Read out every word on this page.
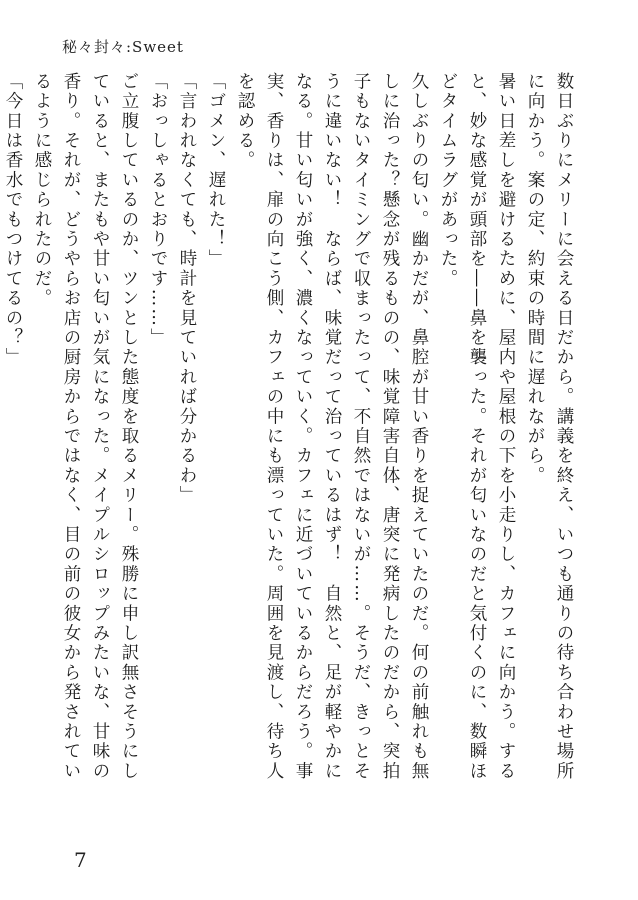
秘々封々:Sweet

数日ぶりにメリーに会える日だから。講義を終え、いつも通りの待ち合わせ場所に向かう。案の定、約束の時間に遅れながら。

暑い日差しを避けるために、屋内や屋根の下を小走りし、カフェに向かう。すると、妙な感覚が頭部を――鼻を襲った。それが匂いなのだと気付くのに、数瞬ほどタイムラグがあった。

久しぶりの匂い。幽かだが、鼻腔が甘い香りを捉えていたのだ。何の前触れも無しに治った？懸念が残るものの、味覚障害自体、唐突に発病したのだから、突拍子もないタイミングで収まったって、不自然ではないが……。そうだ、きっとそうに違いない！　ならば、味覚だって治っているはず！　自然と、足が軽やかになる。甘い匂いが強く、濃くなっていく。カフェに近づいているからだろう。事実、香りは、扉の向こう側、カフェの中にも漂っていた。周囲を見渡し、待ち人を認める。

「ゴメン、遅れた！」

「言われなくても、時計を見ていれば分かるわ」

「おっしゃるとおりです……」

ご立腹しているのか、ツンとした態度を取るメリー。殊勝に申し訳無さそうにしていると、またもや甘い匂いが気になった。メイプルシロップみたいな、甘味の香り。それが、どうやらお店の厨房からではなく、目の前の彼女から発されているように感じられたのだ。

「今日は香水でもつけてるの？」

7
